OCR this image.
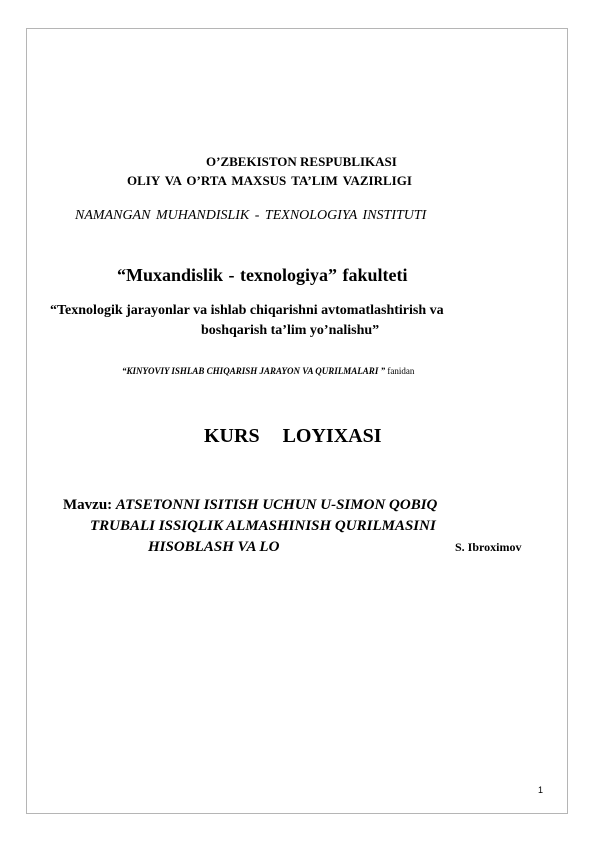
O’ZBEKISTON RESPUBLIKASI
OLIY VA O’RTA MAXSUS TA’LIM VAZIRLIGI
NAMANGAN MUHANDISLIK - TEXNOLOGIYA INSTITUTI
“Muxandislik - texnologiya” fakulteti
“Texnologik jarayonlar va ishlab chiqarishni avtomatlashtirish va
boshqarish ta’lim yo’nalishu”
“KINYOVIY ISHLAB CHIQARISH JARAYON VA QURILMALARI ” fanidan
KURS LOYIXASI
Mavzu: ATSETONNI ISITISH UCHUN U-SIMON QOBIQ
TRUBALI ISSIQLIK ALMASHINISH QURILMASINI
HISOBLASH VA LO	S. Ibroximov
1
